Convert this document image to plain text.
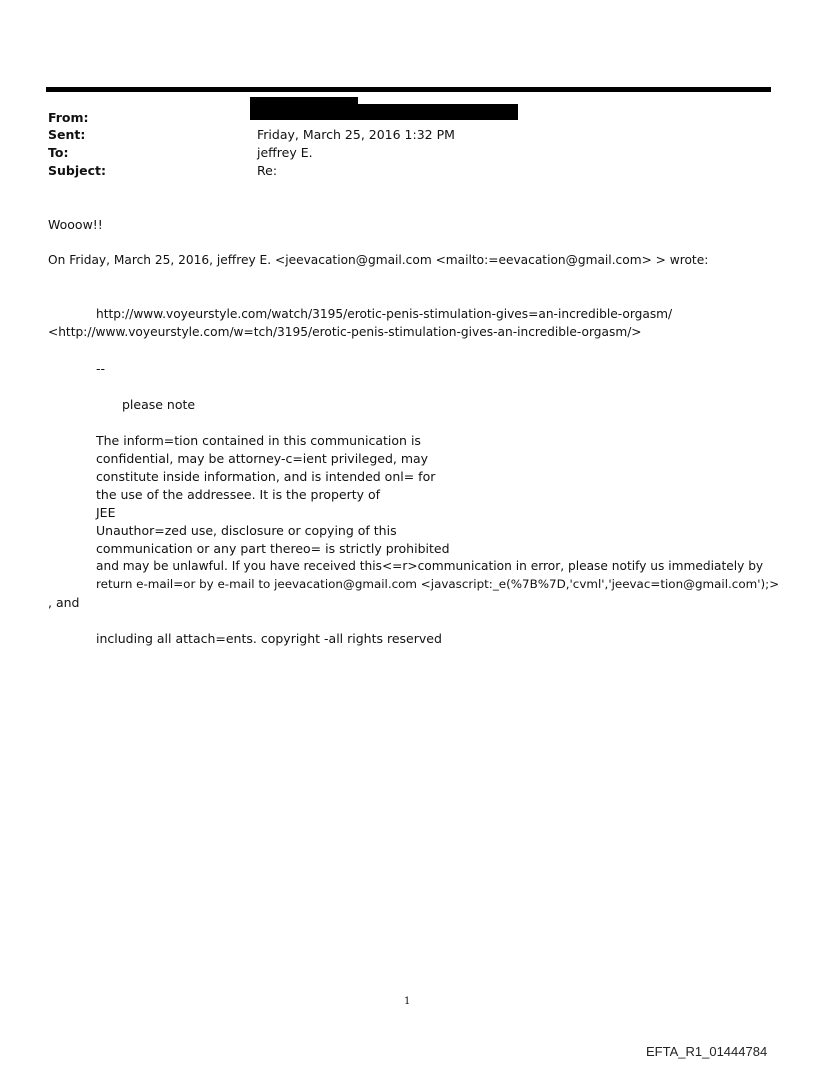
From:
Sent:	Friday, March 25, 2016 1:32 PM
To:	jeffrey E.
Subject:	Re:
Wooow!!
On Friday, March 25, 2016, jeffrey E. <jeevacation@gmail.com <mailto:=eevacation@gmail.com> > wrote:
http://www.voyeurstyle.com/watch/3195/erotic-penis-stimulation-gives=an-incredible-orgasm/
<http://www.voyeurstyle.com/w=tch/3195/erotic-penis-stimulation-gives-an-incredible-orgasm/>
--
please note
The inform=tion contained in this communication is
confidential, may be attorney-c=ient privileged, may
constitute inside information, and is intended onl= for
the use of the addressee. It is the property of
JEE
Unauthor=zed use, disclosure or copying of this
communication or any part thereo= is strictly prohibited
and may be unlawful. If you have received this<=r>communication in error, please notify us immediately by
return e-mail=or by e-mail to jeevacation@gmail.com <javascript:_e(%7B%7D,'cvml','jeevac=tion@gmail.com');>
, and
including all attach=ents. copyright -all rights reserved
1
EFTA_R1_01444784
